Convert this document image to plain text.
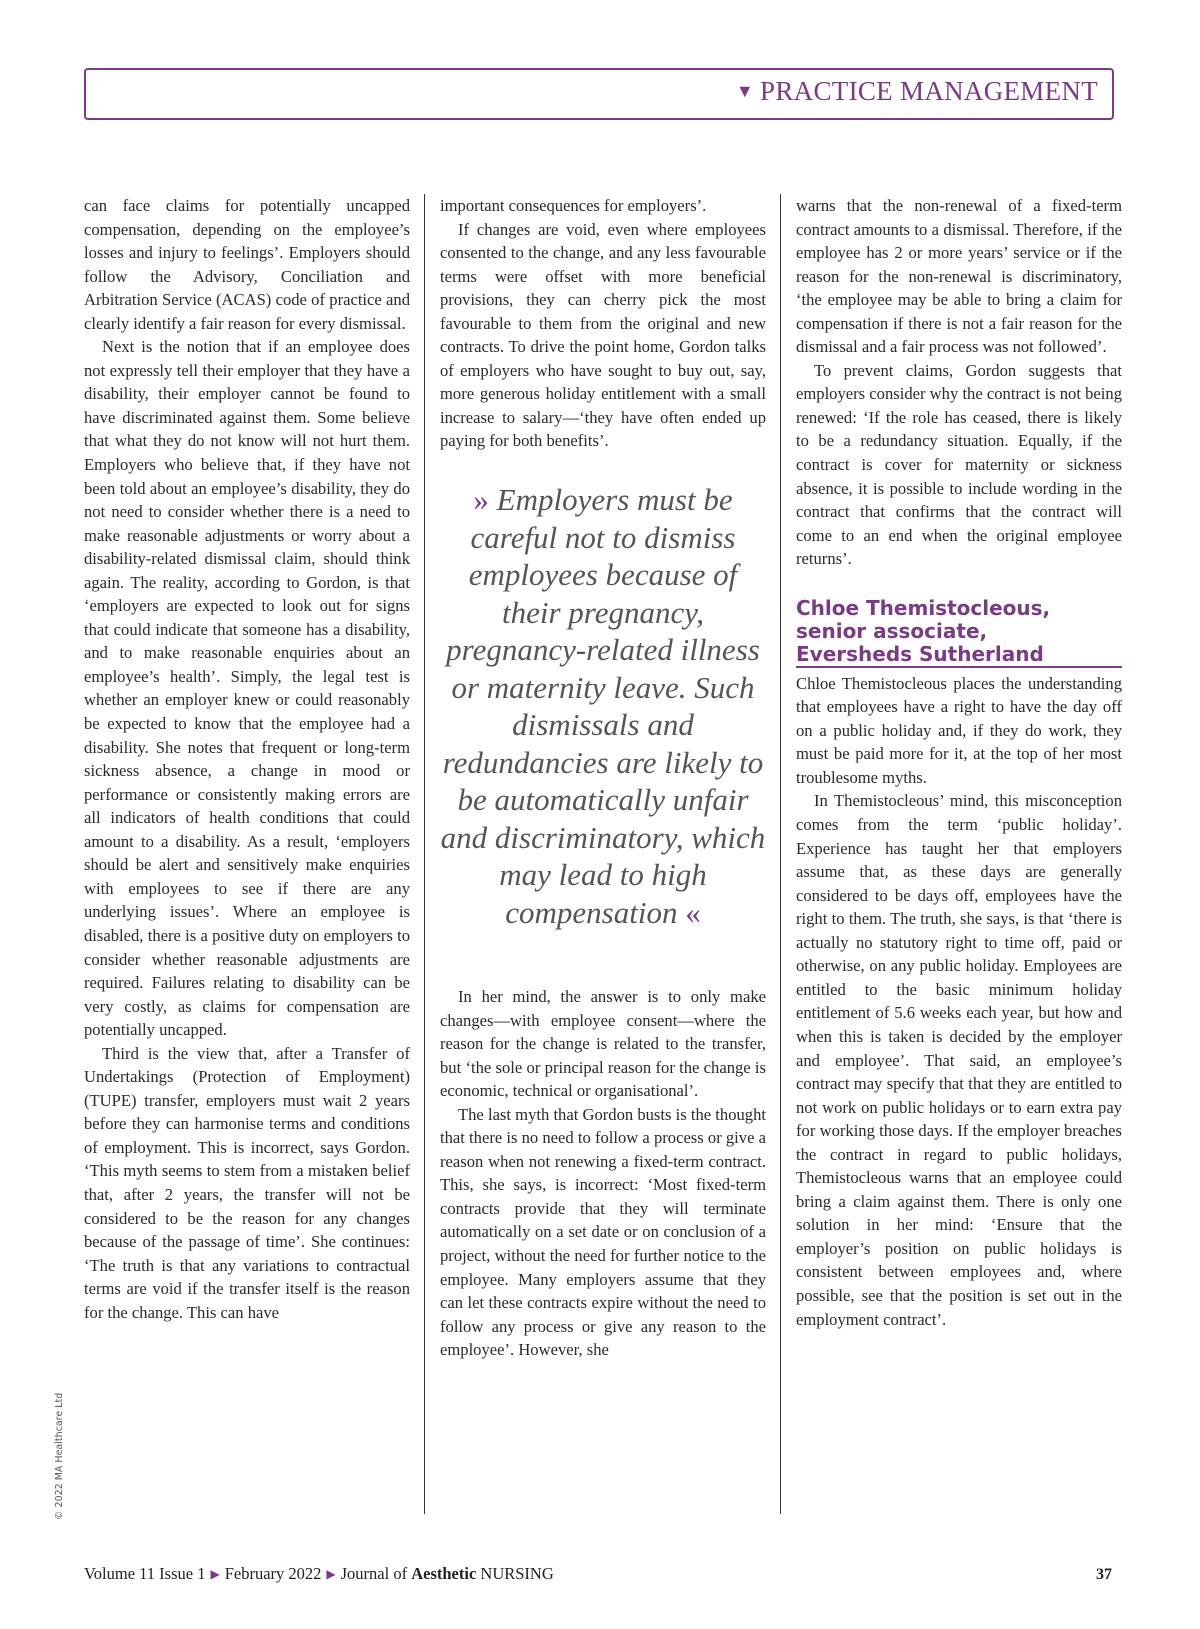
▼ PRACTICE MANAGEMENT

can face claims for potentially uncapped compensation, depending on the employee’s losses and injury to feelings’. Employers should follow the Advisory, Conciliation and Arbitration Service (ACAS) code of practice and clearly identify a fair reason for every dismissal.

Next is the notion that if an employee does not expressly tell their employer that they have a disability, their employer cannot be found to have discriminated against them. Some believe that what they do not know will not hurt them. Employers who believe that, if they have not been told about an employee’s disability, they do not need to consider whether there is a need to make reasonable adjustments or worry about a disability-related dismissal claim, should think again. The reality, according to Gordon, is that ‘employers are expected to look out for signs that could indicate that someone has a disability, and to make reasonable enquiries about an employee’s health’. Simply, the legal test is whether an employer knew or could reasonably be expected to know that the employee had a disability. She notes that frequent or long-term sickness absence, a change in mood or performance or consistently making errors are all indicators of health conditions that could amount to a disability. As a result, ‘employers should be alert and sensitively make enquiries with employees to see if there are any underlying issues’. Where an employee is disabled, there is a positive duty on employers to consider whether reasonable adjustments are required. Failures relating to disability can be very costly, as claims for compensation are potentially uncapped.

Third is the view that, after a Transfer of Undertakings (Protection of Employment) (TUPE) transfer, employers must wait 2 years before they can harmonise terms and conditions of employment. This is incorrect, says Gordon. ‘This myth seems to stem from a mistaken belief that, after 2 years, the transfer will not be considered to be the reason for any changes because of the passage of time’. She continues: ‘The truth is that any variations to contractual terms are void if the transfer itself is the reason for the change. This can have

important consequences for employers’.

If changes are void, even where employees consented to the change, and any less favourable terms were offset with more beneficial provisions, they can cherry pick the most favourable to them from the original and new contracts. To drive the point home, Gordon talks of employers who have sought to buy out, say, more generous holiday entitlement with a small increase to salary—‘they have often ended up paying for both benefits’.

» Employers must be careful not to dismiss employees because of their pregnancy, pregnancy-related illness or maternity leave. Such dismissals and redundancies are likely to be automatically unfair and discriminatory, which may lead to high compensation «

In her mind, the answer is to only make changes—with employee consent—where the reason for the change is related to the transfer, but ‘the sole or principal reason for the change is economic, technical or organisational’.

The last myth that Gordon busts is the thought that there is no need to follow a process or give a reason when not renewing a fixed-term contract. This, she says, is incorrect: ‘Most fixed-term contracts provide that they will terminate automatically on a set date or on conclusion of a project, without the need for further notice to the employee. Many employers assume that they can let these contracts expire without the need to follow any process or give any reason to the employee’. However, she

warns that the non-renewal of a fixed-term contract amounts to a dismissal. Therefore, if the employee has 2 or more years’ service or if the reason for the non-renewal is discriminatory, ‘the employee may be able to bring a claim for compensation if there is not a fair reason for the dismissal and a fair process was not followed’.

To prevent claims, Gordon suggests that employers consider why the contract is not being renewed: ‘If the role has ceased, there is likely to be a redundancy situation. Equally, if the contract is cover for maternity or sickness absence, it is possible to include wording in the contract that confirms that the contract will come to an end when the original employee returns’.

Chloe Themistocleous,
senior associate,
Eversheds Sutherland

Chloe Themistocleous places the understanding that employees have a right to have the day off on a public holiday and, if they do work, they must be paid more for it, at the top of her most troublesome myths.

In Themistocleous’ mind, this misconception comes from the term ‘public holiday’. Experience has taught her that employers assume that, as these days are generally considered to be days off, employees have the right to them. The truth, she says, is that ‘there is actually no statutory right to time off, paid or otherwise, on any public holiday. Employees are entitled to the basic minimum holiday entitlement of 5.6 weeks each year, but how and when this is taken is decided by the employer and employee’. That said, an employee’s contract may specify that that they are entitled to not work on public holidays or to earn extra pay for working those days. If the employer breaches the contract in regard to public holidays, Themistocleous warns that an employee could bring a claim against them. There is only one solution in her mind: ‘Ensure that the employer’s position on public holidays is consistent between employees and, where possible, see that the position is set out in the employment contract’.

© 2022 MA Healthcare Ltd
Volume 11 Issue 1 ▶ February 2022 ▶ Journal of Aesthetic NURSING	37
